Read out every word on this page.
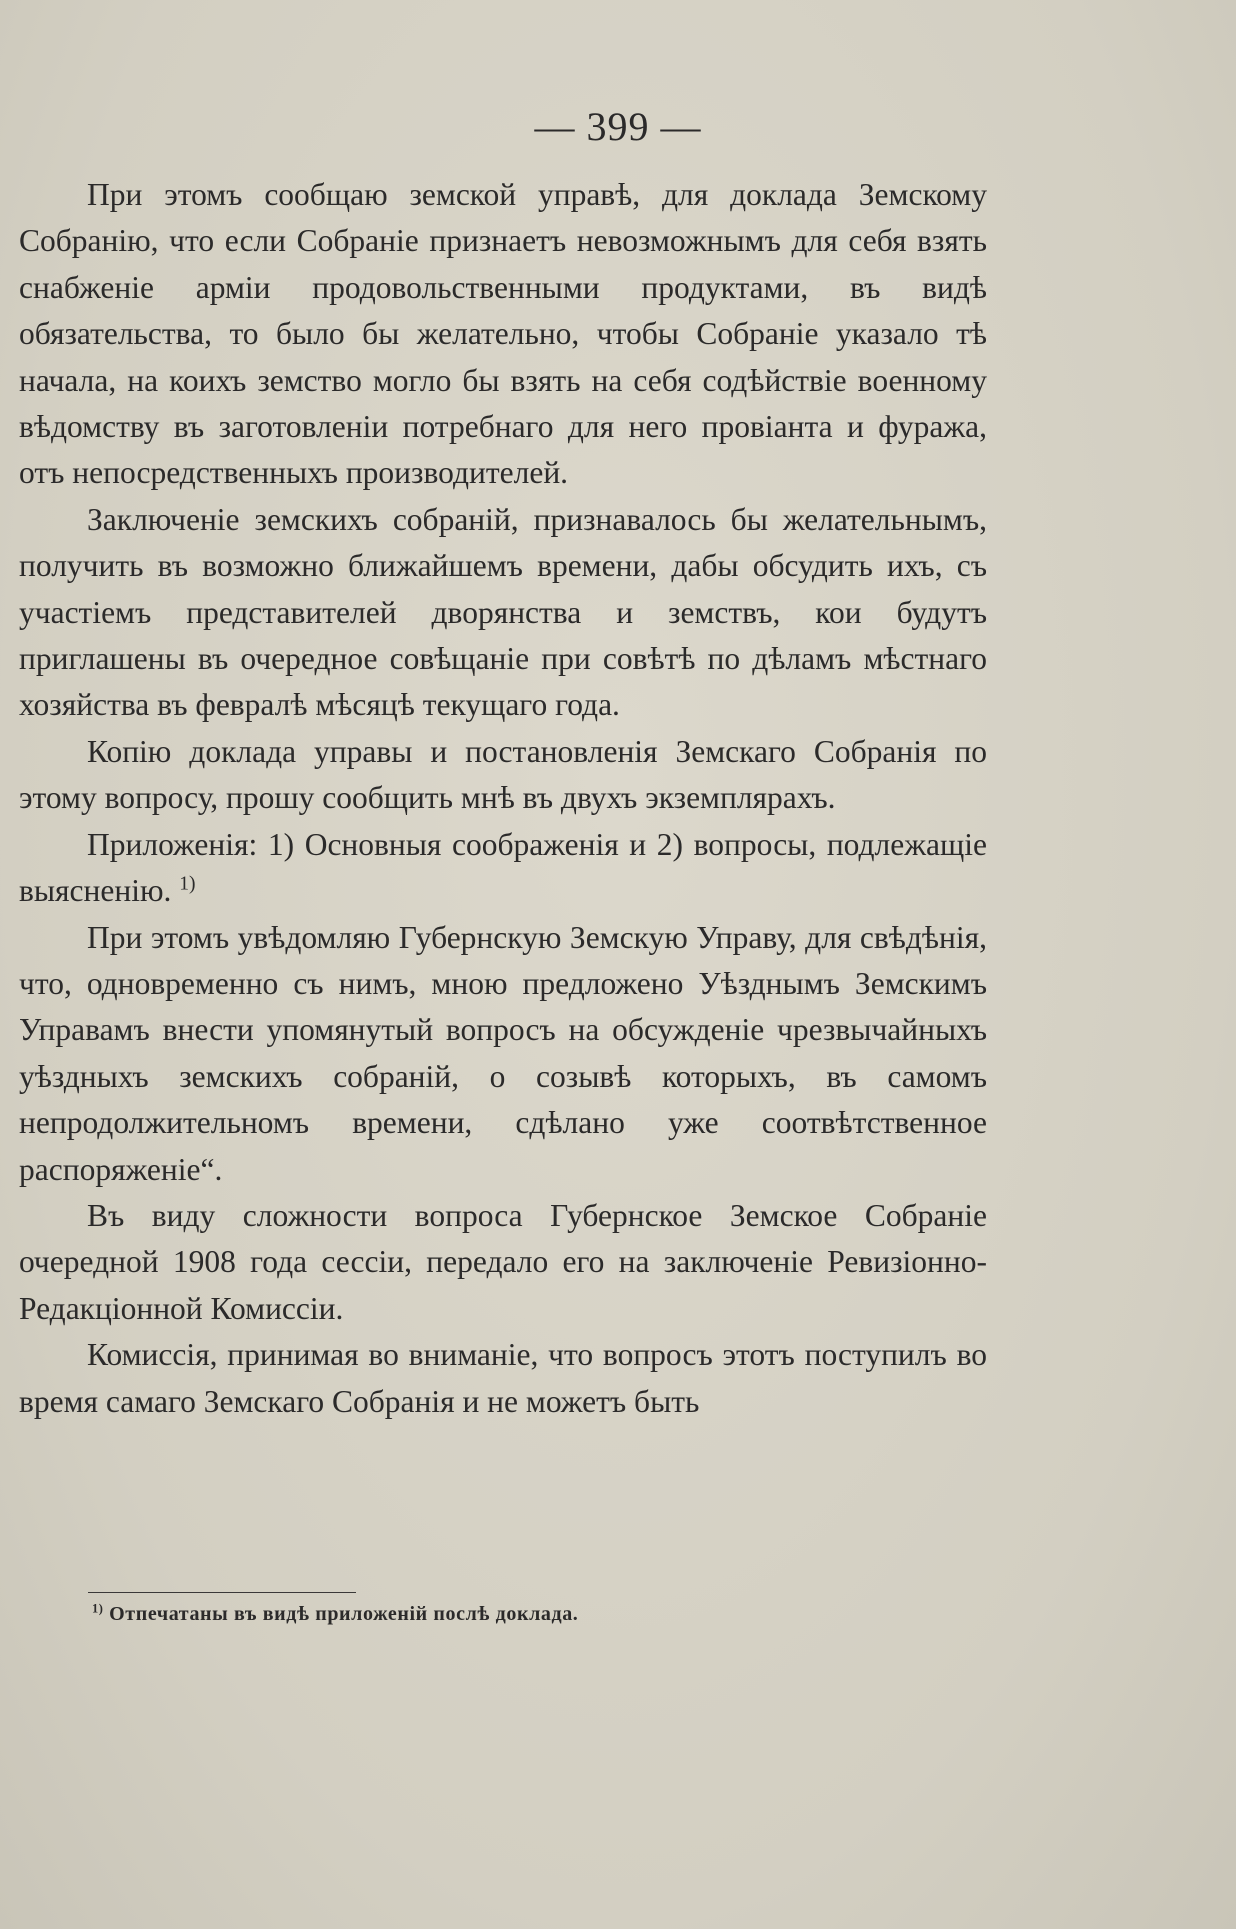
— 399 —

При этомъ сообщаю земской управѣ, для доклада Земскому Собранію, что если Собраніе признаетъ невозможнымъ для себя взять снабженіе арміи продовольственными продуктами, въ видѣ обязательства, то было бы желательно, чтобы Собраніе указало тѣ начала, на коихъ земство могло бы взять на себя содѣйствіе военному вѣдомству въ заготовленіи потребнаго для него провіанта и фуража, отъ непосредственныхъ производителей.

Заключеніе земскихъ собраній, признавалось бы желательнымъ, получить въ возможно ближайшемъ времени, дабы обсудить ихъ, съ участіемъ представителей дворянства и земствъ, кои будутъ приглашены въ очередное совѣщаніе при совѣтѣ по дѣламъ мѣстнаго хозяйства въ февралѣ мѣсяцѣ текущаго года.

Копію доклада управы и постановленія Земскаго Собранія по этому вопросу, прошу сообщить мнѣ въ двухъ экземплярахъ.

Приложенія: 1) Основныя соображенія и 2) вопросы, подлежащіе выясненію. $^{1)}$

При этомъ увѣдомляю Губернскую Земскую Управу, для свѣдѣнія, что, одновременно съ нимъ, мною предложено Уѣзднымъ Земскимъ Управамъ внести упомянутый вопросъ на обсужденіе чрезвычайныхъ уѣздныхъ земскихъ собраній, о созывѣ которыхъ, въ самомъ непродолжительномъ времени, сдѣлано уже соотвѣтственное распоряженіе“.

Въ виду сложности вопроса Губернское Земское Собраніе очередной 1908 года сессіи, передало его на заключеніе Ревизіонно-Редакціонной Комиссіи.

Комиссія, принимая во вниманіе, что вопросъ этотъ поступилъ во время самаго Земскаго Собранія и не можетъ быть

$^{1)}$ Отпечатаны въ видѣ приложеній послѣ доклада.
